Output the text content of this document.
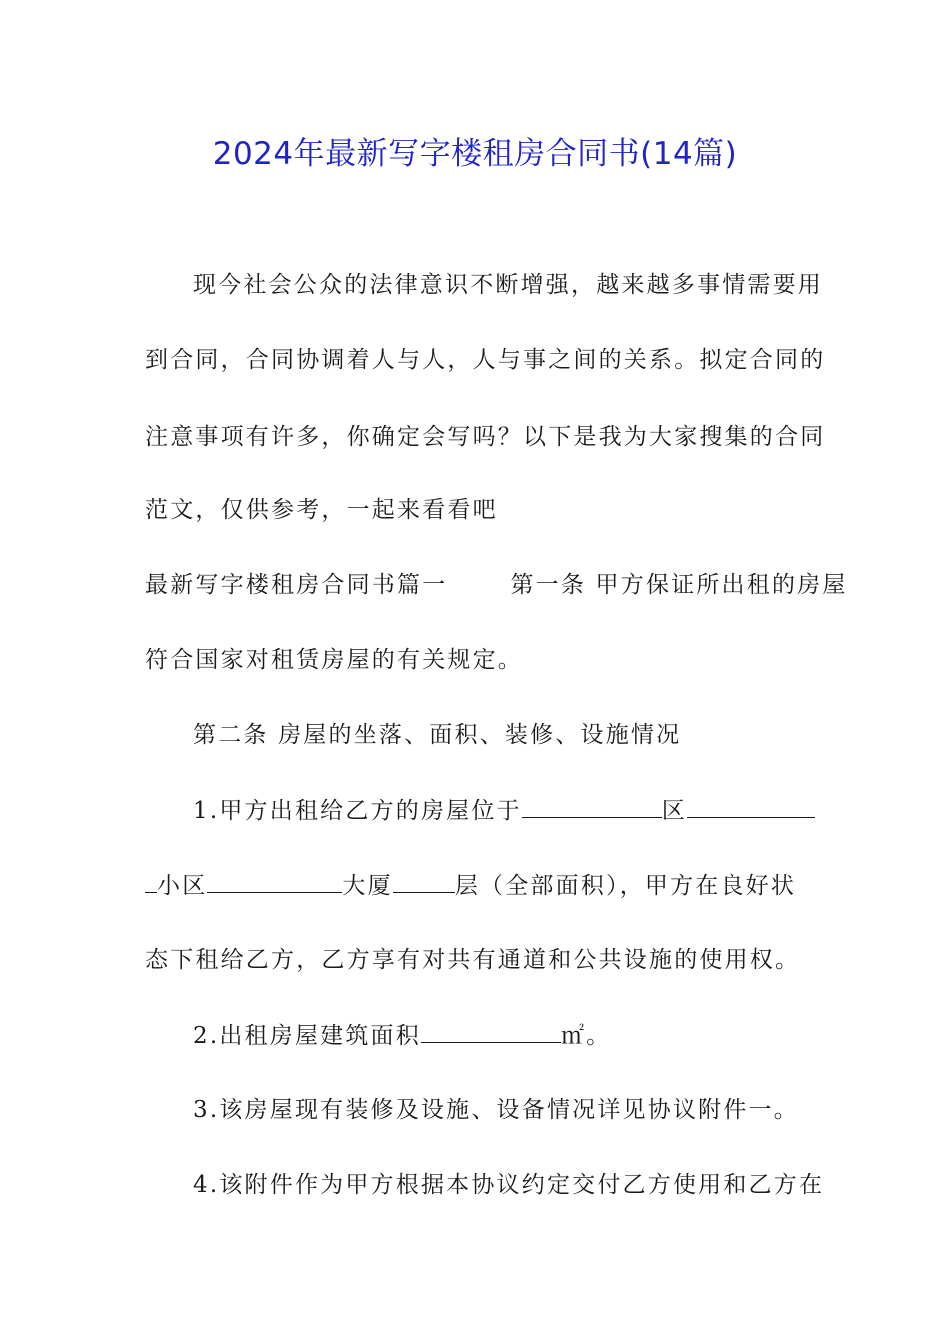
2024年最新写字楼租房合同书(14篇)
现今社会公众的法律意识不断增强，越来越多事情需要用
到合同，合同协调着人与人，人与事之间的关系。拟定合同的
注意事项有许多，你确定会写吗？以下是我为大家搜集的合同
范文，仅供参考，一起来看看吧
最新写字楼租房合同书篇一	第一条 甲方保证所出租的房屋
符合国家对租赁房屋的有关规定。
第二条 房屋的坐落、面积、装修、设施情况
1.甲方出租给乙方的房屋位于	区
小区	大厦	层（全部面积），甲方在良好状
态下租给乙方，乙方享有对共有通道和公共设施的使用权。
2.出租房屋建筑面积	㎡。
3.该房屋现有装修及设施、设备情况详见协议附件一。
4.该附件作为甲方根据本协议约定交付乙方使用和乙方在
